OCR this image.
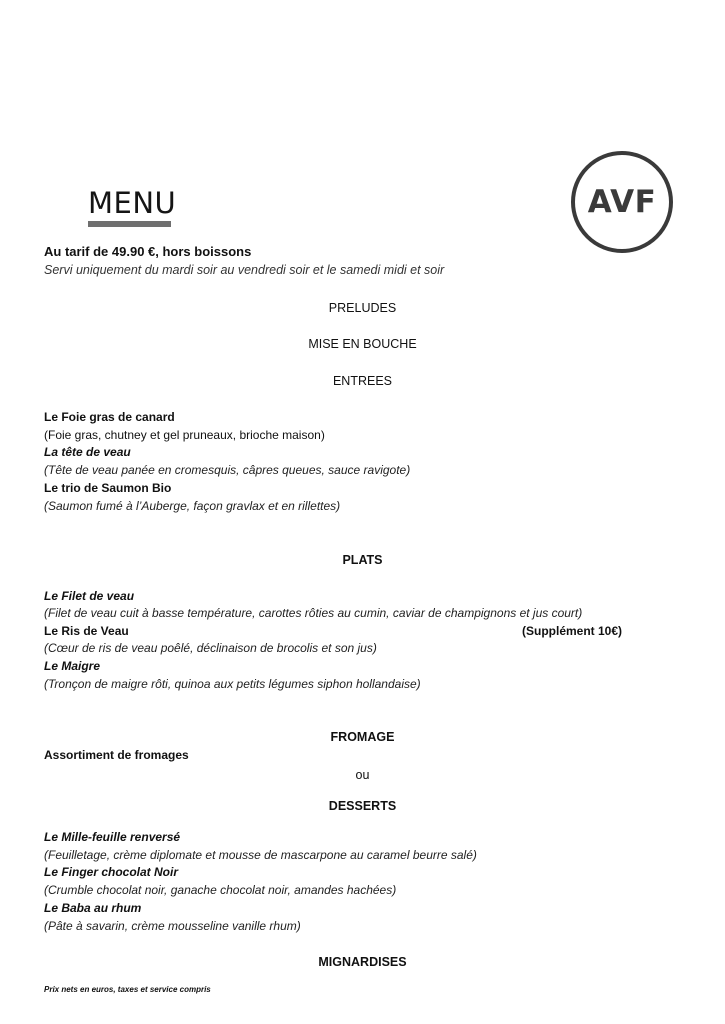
MENU	AVF
Au tarif de 49.90 €, hors boissons
Servi uniquement du mardi soir au vendredi soir et le samedi midi et soir
PRELUDES
MISE EN BOUCHE
ENTREES
Le Foie gras de canard
(Foie gras, chutney et gel pruneaux, brioche maison)
La tête de veau
(Tête de veau panée en cromesquis, câpres queues, sauce ravigote)
Le trio de Saumon Bio
(Saumon fumé à l’Auberge, façon gravlax et en rillettes)
PLATS
Le Filet de veau
(Filet de veau cuit à basse température, carottes rôties au cumin, caviar de champignons et jus court)
Le Ris de Veau	(Supplément 10€)
(Cœur de ris de veau poêlé, déclinaison de brocolis et son jus)
Le Maigre
(Tronçon de maigre rôti, quinoa aux petits légumes siphon hollandaise)
FROMAGE
Assortiment de fromages
ou
DESSERTS
Le Mille-feuille renversé
(Feuilletage, crème diplomate et mousse de mascarpone au caramel beurre salé)
Le Finger chocolat Noir
(Crumble chocolat noir, ganache chocolat noir, amandes hachées)
Le Baba au rhum
(Pâte à savarin, crème mousseline vanille rhum)
MIGNARDISES
Prix nets en euros, taxes et service compris
